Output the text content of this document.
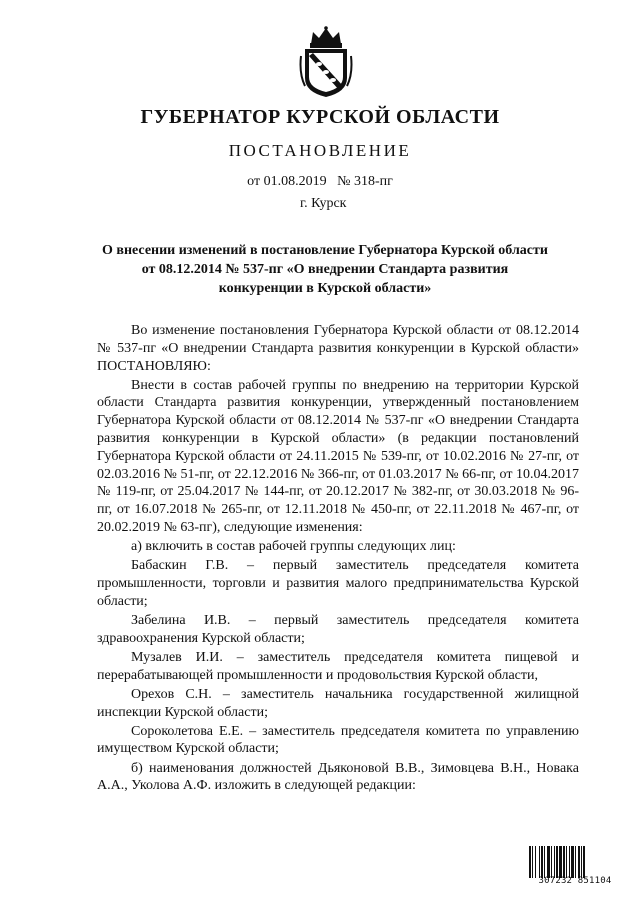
ГУБЕРНАТОР КУРСКОЙ ОБЛАСТИ
ПОСТАНОВЛЕНИЕ
от 01.08.2019   № 318-пг
г. Курск
О внесении изменений в постановление Губернатора Курской области
от 08.12.2014 № 537-пг «О внедрении Стандарта развития
конкуренции в Курской области»

Во изменение постановления Губернатора Курской области от 08.12.2014 № 537-пг «О внедрении Стандарта развития конкуренции в Курской области» ПОСТАНОВЛЯЮ:

Внести в состав рабочей группы по внедрению на территории Курской области Стандарта развития конкуренции, утвержденный постановлением Губернатора Курской области от 08.12.2014 № 537-пг «О внедрении Стандарта развития конкуренции в Курской области» (в редакции постановлений Губернатора Курской области от 24.11.2015 № 539-пг, от 10.02.2016 № 27-пг, от 02.03.2016 № 51-пг, от 22.12.2016 № 366-пг, от 01.03.2017 № 66-пг, от 10.04.2017 № 119-пг, от 25.04.2017 № 144-пг, от 20.12.2017 № 382-пг, от 30.03.2018 № 96-пг, от 16.07.2018 № 265-пг, от 12.11.2018 № 450-пг, от 22.11.2018 № 467-пг, от 20.02.2019 № 63-пг), следующие изменения:

а) включить в состав рабочей группы следующих лиц:

Бабаскин Г.В. – первый заместитель председателя комитета промышленности, торговли и развития малого предпринимательства Курской области;

Забелина И.В. – первый заместитель председателя комитета здравоохранения Курской области;

Музалев И.И. – заместитель председателя комитета пищевой и перерабатывающей промышленности и продовольствия Курской области,

Орехов С.Н. – заместитель начальника государственной жилищной инспекции Курской области;

Сороколетова Е.Е. – заместитель председателя комитета по управлению имуществом Курской области;

б) наименования должностей Дьяконовой В.В., Зимовцева В.Н., Новака А.А., Уколова А.Ф. изложить в следующей редакции:

307232 851104
